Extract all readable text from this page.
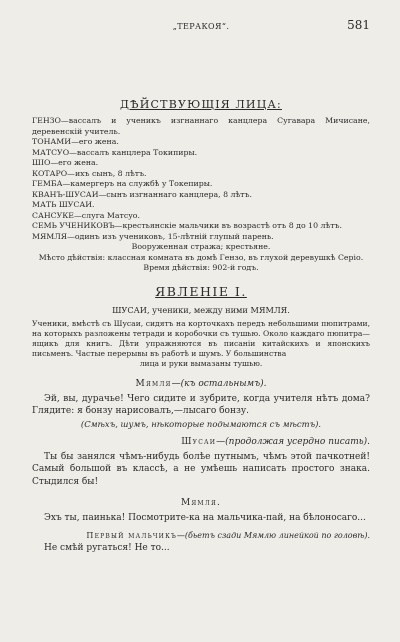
„ТЕРАКОЯ“.	581
ДѢЙСТВУЮЩІЯ ЛИЦА:

ГЕНЗО—вассалъ и ученикъ изгнаннаго канцлера Сугавара Мичисане, деревенскій учитель.

ТОНАМИ—его жена.

МАТСУО—вассалъ канцлера Токипиры.

ШІО—его жена.

КОТАРО—ихъ сынъ, 8 лѣтъ.

ГЕМБА—камергеръ на службѣ у Токепиры.

КВАНЪ-ШУСАИ—сынъ изгнаннаго канцлера, 8 лѣтъ.

МАТЬ ШУСАИ.

САНСУКЕ—слуга Матсуо.

СЕМЬ УЧЕНИКОВЪ—крестьянскіе мальчики въ возрастѣ отъ 8 до 10 лѣтъ.

МЯМЛЯ—одинъ изъ учениковъ, 15-лѣтній глупый парень.

Вооруженная стража; крестьяне.

Мѣсто дѣйствія: классная комната въ домѣ Гензо, въ глухой деревушкѣ Серіо.

Время дѣйствія: 902-й годъ.

ЯВЛЕНІЕ I.
ШУСАИ, ученики, между ними МЯМЛЯ.
Ученики, вмѣстѣ съ Шусаи, сидятъ на корточкахъ передъ небольшими пюпитрами, на которыхъ разложены тетради и коробочки съ тушью. Около каждаго пюпитра—ящикъ для книгъ. Дѣти упражняются въ писаніи китайскихъ и японскихъ письменъ. Частые перерывы въ работѣ и шумъ. У большинства
лица и руки вымазаны тушью.
Мямля—(къ остальнымъ).
Эй, вы, дурачье! Чего сидите и зубрите, когда учителя нѣтъ дома? Глядите: я бонзу нарисовалъ,—лысаго бонзу.
(Смѣхъ, шумъ, нѣкоторые подымаются съ мѣстъ).
Шусаи—(продолжая усердно писать).
Ты бы занялся чѣмъ-нибудь болѣе путнымъ, чѣмъ этой пачкотней! Самый большой въ классѣ, а не умѣешь написать простого знака. Стыдился бы!
Мямля.
Эхъ ты, паинька! Посмотрите-ка на мальчика-пай, на бѣлоносаго...
Первый мальчикъ—(бьетъ сзади Мямлю линейкой по головѣ).
Не смѣй ругаться! Не то...
